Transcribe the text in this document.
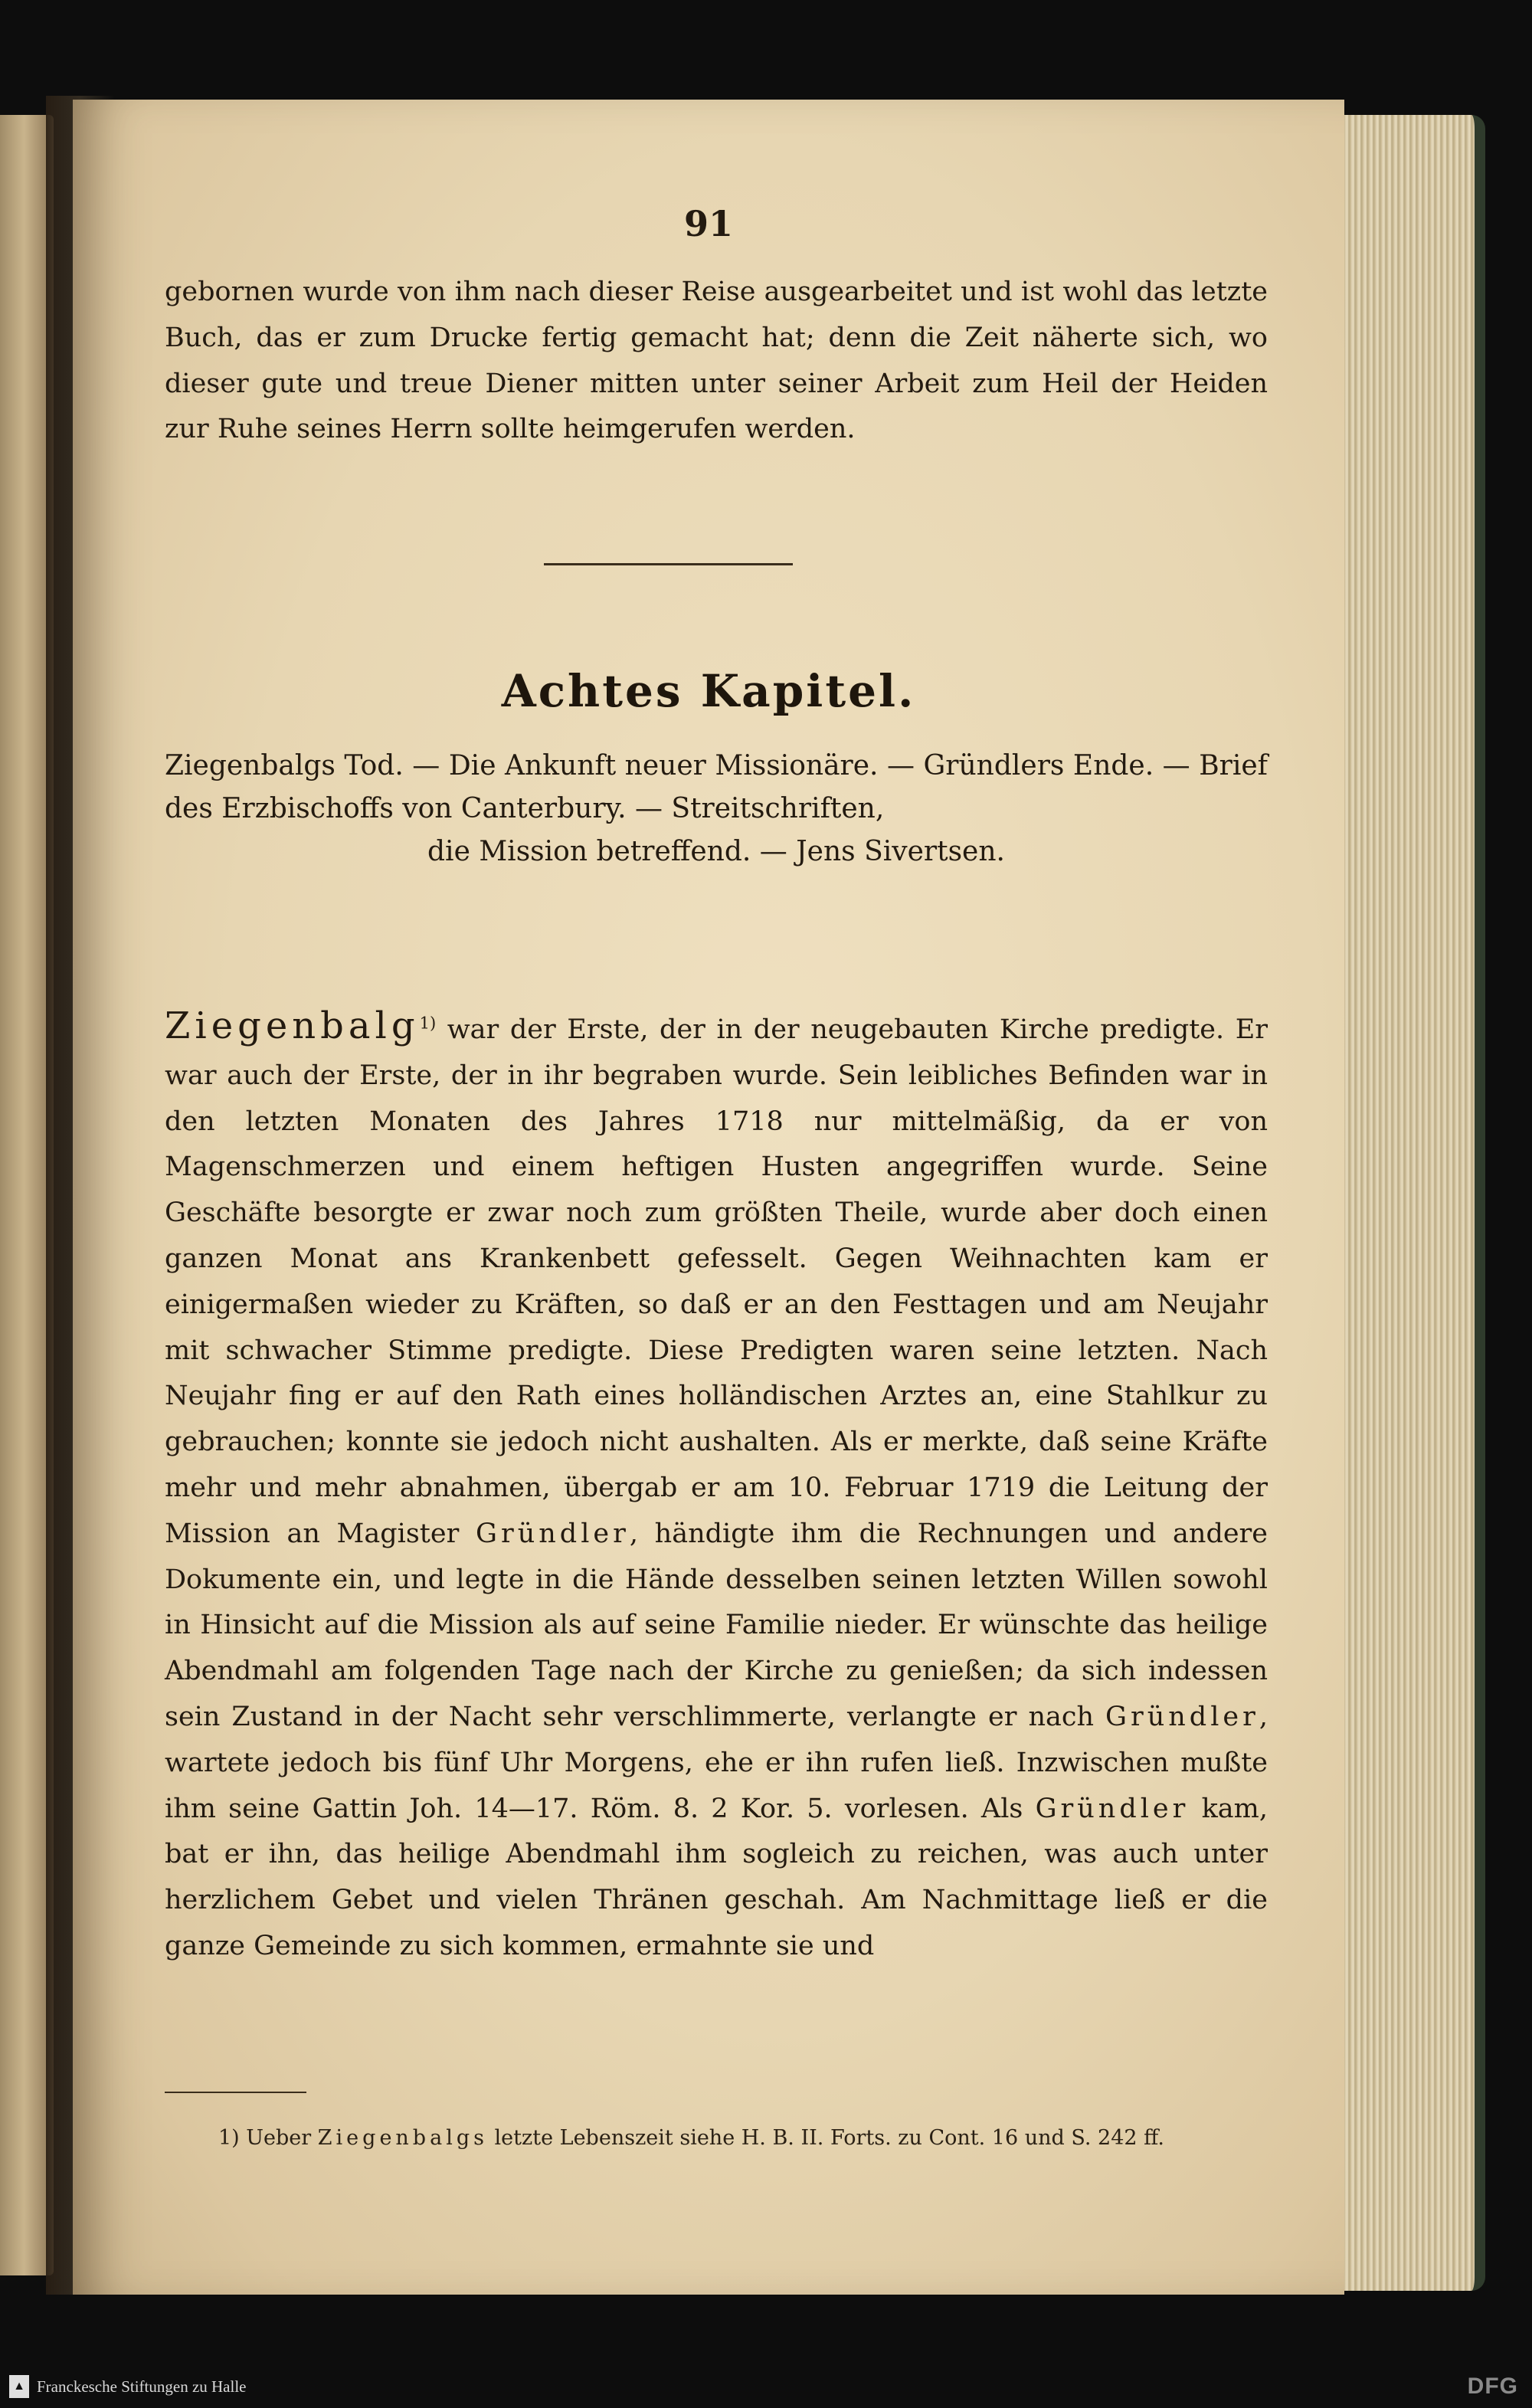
91

gebornen wurde von ihm nach dieser Reise ausgearbeitet und ist wohl das letzte Buch, das er zum Drucke fertig gemacht hat; denn die Zeit näherte sich, wo dieser gute und treue Diener mitten unter seiner Arbeit zum Heil der Heiden zur Ruhe seines Herrn sollte heimgerufen werden.

Achtes Kapitel.

Ziegenbalgs Tod. — Die Ankunft neuer Missionäre. — Gründlers Ende. — Brief des Erzbischoffs von Canterbury. — Streitschriften,
die Mission betreffend. — Jens Sivertsen.

Ziegenbalg$^{1)}$ war der Erste, der in der neugebauten Kirche predigte. Er war auch der Erste, der in ihr begraben wurde. Sein leibliches Befinden war in den letzten Monaten des Jahres 1718 nur mittelmäßig, da er von Magenschmerzen und einem heftigen Husten angegriffen wurde. Seine Geschäfte besorgte er zwar noch zum größten Theile, wurde aber doch einen ganzen Monat ans Krankenbett gefesselt. Gegen Weihnachten kam er einigermaßen wieder zu Kräften, so daß er an den Festtagen und am Neujahr mit schwacher Stimme predigte. Diese Predigten waren seine letzten. Nach Neujahr fing er auf den Rath eines holländischen Arztes an, eine Stahlkur zu gebrauchen; konnte sie jedoch nicht aushalten. Als er merkte, daß seine Kräfte mehr und mehr abnahmen, übergab er am 10. Februar 1719 die Leitung der Mission an Magister Gründler, händigte ihm die Rechnungen und andere Dokumente ein, und legte in die Hände desselben seinen letzten Willen sowohl in Hinsicht auf die Mission als auf seine Familie nieder. Er wünschte das heilige Abendmahl am folgenden Tage nach der Kirche zu genießen; da sich indessen sein Zustand in der Nacht sehr verschlimmerte, verlangte er nach Gründler, wartete jedoch bis fünf Uhr Morgens, ehe er ihn rufen ließ. Inzwischen mußte ihm seine Gattin Joh. 14—17. Röm. 8. 2 Kor. 5. vorlesen. Als Gründler kam, bat er ihn, das heilige Abendmahl ihm sogleich zu reichen, was auch unter herzlichem Gebet und vielen Thränen geschah. Am Nachmittage ließ er die ganze Gemeinde zu sich kommen, ermahnte sie und

1) Ueber Ziegenbalgs letzte Lebenszeit siehe H. B. II. Forts. zu Cont. 16 und S. 242 ff.

▲ Franckesche Stiftungen zu Halle	DFG
